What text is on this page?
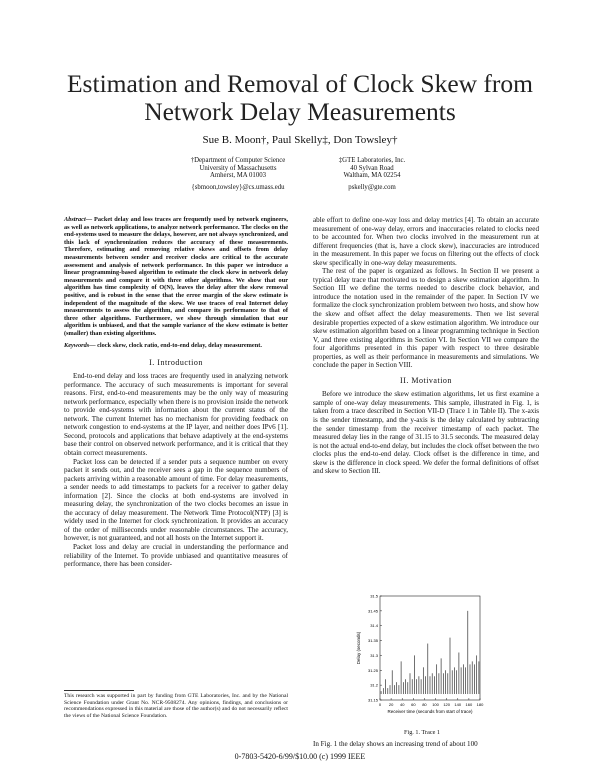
Estimation and Removal of Clock Skew from
Network Delay Measurements
Sue B. Moon†, Paul Skelly‡, Don Towsley†
†Department of Computer Science
University of Massachusetts
Amherst, MA 01003
{sbmoon,towsley}@cs.umass.edu
‡GTE Laboratories, Inc.
40 Sylvan Road
Waltham, MA 02254
pskelly@gte.com
Abstract— Packet delay and loss traces are frequently used by network engineers, as well as network applications, to analyze network performance. The clocks on the end-systems used to measure the delays, however, are not always synchronized, and this lack of synchronization reduces the accuracy of these measurements. Therefore, estimating and removing relative skews and offsets from delay measurements between sender and receiver clocks are critical to the accurate assessment and analysis of network performance. In this paper we introduce a linear programming-based algorithm to estimate the clock skew in network delay measurements and compare it with three other algorithms. We show that our algorithm has time complexity of O(N), leaves the delay after the skew removal positive, and is robust in the sense that the error margin of the skew estimate is independent of the magnitude of the skew. We use traces of real Internet delay measurements to assess the algorithm, and compare its performance to that of three other algorithms. Furthermore, we show through simulation that our algorithm is unbiased, and that the sample variance of the skew estimate is better (smaller) than existing algorithms.
Keywords— clock skew, clock ratio, end-to-end delay, delay measurement.
I. Introduction

End-to-end delay and loss traces are frequently used in analyzing network performance. The accuracy of such measurements is important for several reasons. First, end-to-end measurements may be the only way of measuring network performance, especially when there is no provision inside the network to provide end-systems with information about the current status of the network. The current Internet has no mechanism for providing feedback on network congestion to end-systems at the IP layer, and neither does IPv6 [1]. Second, protocols and applications that behave adaptively at the end-systems base their control on observed network performance, and it is critical that they obtain correct measurements.

Packet loss can be detected if a sender puts a sequence number on every packet it sends out, and the receiver sees a gap in the sequence numbers of packets arriving within a reasonable amount of time. For delay measurements, a sender needs to add timestamps to packets for a receiver to gather delay information [2]. Since the clocks at both end-systems are involved in measuring delay, the synchronization of the two clocks becomes an issue in the accuracy of delay measurement. The Network Time Protocol(NTP) [3] is widely used in the Internet for clock synchronization. It provides an accuracy of the order of milliseconds under reasonable circumstances. The accuracy, however, is not guaranteed, and not all hosts on the Internet support it.

Packet loss and delay are crucial in understanding the performance and reliability of the Internet. To provide unbiased and quantitative measures of performance, there has been consider-

This research was supported in part by funding from GTE Laboratories, Inc. and by the National Science Foundation under Grant No. NCR-9508274. Any opinions, findings, and conclusions or recommendations expressed in this material are those of the author(s) and do not necessarily reflect the views of the National Science Foundation.

able effort to define one-way loss and delay metrics [4]. To obtain an accurate measurement of one-way delay, errors and inaccuracies related to clocks need to be accounted for. When two clocks involved in the measurement run at different frequencies (that is, have a clock skew), inaccuracies are introduced in the measurement. In this paper we focus on filtering out the effects of clock skew specifically in one-way delay measurements.

The rest of the paper is organized as follows. In Section II we present a typical delay trace that motivated us to design a skew estimation algorithm. In Section III we define the terms needed to describe clock behavior, and introduce the notation used in the remainder of the paper. In Section IV we formalize the clock synchronization problem between two hosts, and show how the skew and offset affect the delay measurements. Then we list several desirable properties expected of a skew estimation algorithm. We introduce our skew estimation algorithm based on a linear programming technique in Section V, and three existing algorithms in Section VI. In Section VII we compare the four algorithms presented in this paper with respect to three desirable properties, as well as their performance in measurements and simulations. We conclude the paper in Section VIII.

II. Motivation

Before we introduce the skew estimation algorithms, let us first examine a sample of one-way delay measurements. This sample, illustrated in Fig. 1, is taken from a trace described in Section VII-D (Trace 1 in Table II). The x-axis is the sender timestamp, and the y-axis is the delay calculated by subtracting the sender timestamp from the receiver timestamp of each packet. The measured delay lies in the range of 31.15 to 31.5 seconds. The measured delay is not the actual end-to-end delay, but includes the clock offset between the two clocks plus the end-to-end delay. Clock offset is the difference in time, and skew is the difference in clock speed. We defer the formal definitions of offset and skew to Section III.

31.15
31.2
31.25
31.3
31.35
31.4
31.45
31.5
0 20 40 60 80 100 120 140 160 180
Delay (seconds)
Receiver time (seconds from start of trace)
Fig. 1. Trace 1
In Fig. 1 the delay shows an increasing trend of about 100
0-7803-5420-6/99/$10.00 (c) 1999 IEEE
